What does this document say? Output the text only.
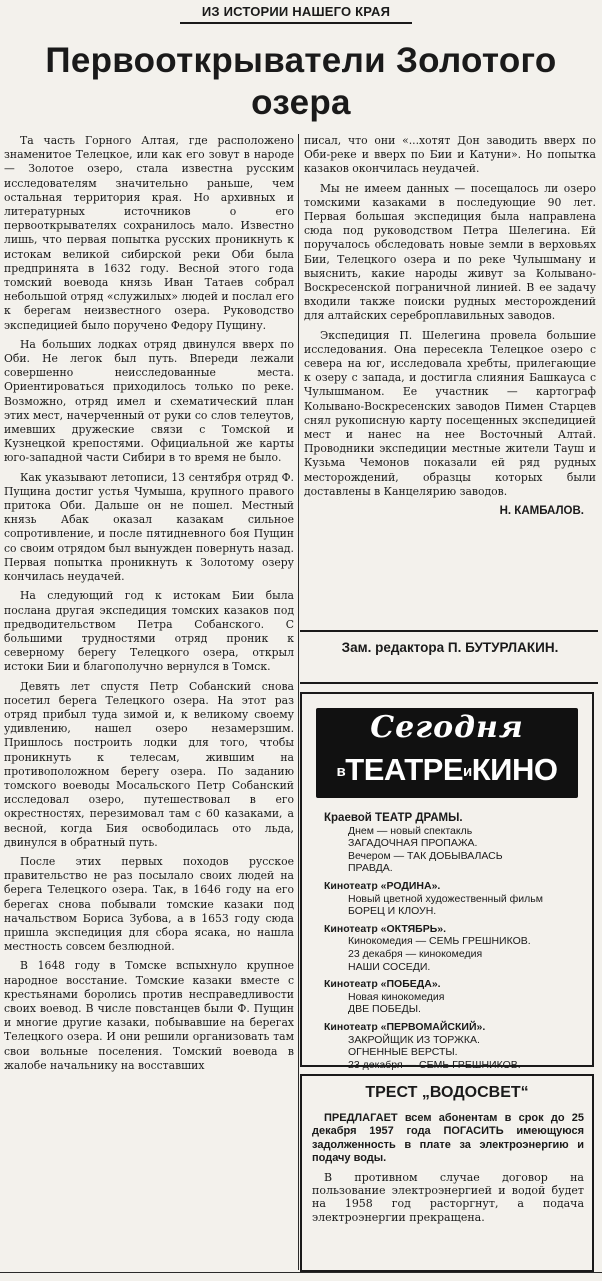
ИЗ ИСТОРИИ НАШЕГО КРАЯ
Первооткрыватели Золотого
озера

Та часть Горного Алтая, где расположено знаменитое Телецкое, или как его зовут в народе — Золотое озеро, стала известна русским исследователям значительно раньше, чем остальная территория края. Но архивных и литературных источников о его первооткрывателях сохранилось мало. Известно лишь, что первая попытка русских проникнуть к истокам великой сибирской реки Оби была предпринята в 1632 году. Весной этого года томский воевода князь Иван Татаев собрал небольшой отряд «служилых» людей и послал его к берегам неизвестного озера. Руководство экспедицией было поручено Федору Пущину.

На больших лодках отряд двинулся вверх по Оби. Не легок был путь. Впереди лежали совершенно неисследованные места. Ориентироваться приходилось только по реке. Возможно, отряд имел и схематический план этих мест, начерченный от руки со слов телеутов, имевших дружеские связи с Томской и Кузнецкой крепостями. Официальной же карты юго-западной части Сибири в то время не было.

Как указывают летописи, 13 сентября отряд Ф. Пущина достиг устья Чумыша, крупного правого притока Оби. Дальше он не пошел. Местный князь Абак оказал казакам сильное сопротивление, и после пятидневного боя Пущин со своим отрядом был вынужден повернуть назад. Первая попытка проникнуть к Золотому озеру кончилась неудачей.

На следующий год к истокам Бии была послана другая экспедиция томских казаков под предводительством Петра Собанского. С большими трудностями отряд проник к северному берегу Телецкого озера, открыл истоки Бии и благополучно вернулся в Томск.

Девять лет спустя Петр Собанский снова посетил берега Телецкого озера. На этот раз отряд прибыл туда зимой и, к великому своему удивлению, нашел озеро незамерзшим. Пришлось построить лодки для того, чтобы проникнуть к телесам, жившим на противоположном берегу озера. По заданию томского воеводы Мосальского Петр Собанский исследовал озеро, путешествовал в его окрестностях, перезимовал там с 60 казаками, а весной, когда Бия освободилась ото льда, двинулся в обратный путь.

После этих первых походов русское правительство не раз посылало своих людей на берега Телецкого озера. Так, в 1646 году на его берегах снова побывали томские казаки под начальством Бориса Зубова, а в 1653 году сюда пришла экспедиция для сбора ясака, но нашла местность совсем безлюдной.

В 1648 году в Томске вспыхнуло крупное народное восстание. Томские казаки вместе с крестьянами боролись против несправедливости своих воевод. В числе повстанцев были Ф. Пущин и многие другие казаки, побывавшие на берегах Телецкого озера. И они решили организовать там свои вольные поселения. Томский воевода в жалобе начальнику на восставших

писал, что они «...хотят Дон заводить вверх по Оби-реке и вверх по Бии и Катуни». Но попытка казаков окончилась неудачей.

Мы не имеем данных — посещалось ли озеро томскими казаками в последующие 90 лет. Первая большая экспедиция была направлена сюда под руководством Петра Шелегина. Ей поручалось обследовать новые земли в верховьях Бии, Телецкого озера и по реке Чулышману и выяснить, какие народы живут за Колывано-Воскресенской пограничной линией. В ее задачу входили также поиски рудных месторождений для алтайских сереброплавильных заводов.

Экспедиция П. Шелегина провела большие исследования. Она пересекла Телецкое озеро с севера на юг, исследовала хребты, прилегающие к озеру с запада, и достигла слияния Башкауса с Чулышманом. Ее участник — картограф Колывано-Воскресенских заводов Пимен Старцев снял рукописную карту посещенных экспедицией мест и нанес на нее Восточный Алтай. Проводники экспедиции местные жители Тауш и Кузьма Чемонов показали ей ряд рудных месторождений, образцы которых были доставлены в Канцелярию заводов.

Н. КАМБАЛОВ.
Зам. редактора П. БУТУРЛАКИН.
Сегодня
вТЕАТРЕиКИНО
Краевой ТЕАТР ДРАМЫ.
Днем — новый спектакль
ЗАГАДОЧНАЯ ПРОПАЖА.
Вечером — ТАК ДОБЫВАЛАСЬ
ПРАВДА.
Кинотеатр «РОДИНА».
Новый цветной художественный фильм
БОРЕЦ И КЛОУН.
Кинотеатр «ОКТЯБРЬ».
Кинокомедия — СЕМЬ ГРЕШНИКОВ.
23 декабря — кинокомедия
НАШИ СОСЕДИ.
Кинотеатр «ПОБЕДА».
Новая кинокомедия
ДВЕ ПОБЕДЫ.
Кинотеатр «ПЕРВОМАЙСКИЙ».
ЗАКРОЙЩИК ИЗ ТОРЖКА.
ОГНЕННЫЕ ВЕРСТЫ.
23 декабря — СЕМЬ ГРЕШНИКОВ.
ТРЕСТ „ВОДОСВЕТ“

ПРЕДЛАГАЕТ всем абонентам в срок до 25 декабря 1957 года ПОГАСИТЬ имеющуюся задолженность в плате за электроэнергию и подачу воды.

В противном случае договор на пользование электроэнергией и водой будет на 1958 год расторгнут, а подача электроэнергии прекращена.
